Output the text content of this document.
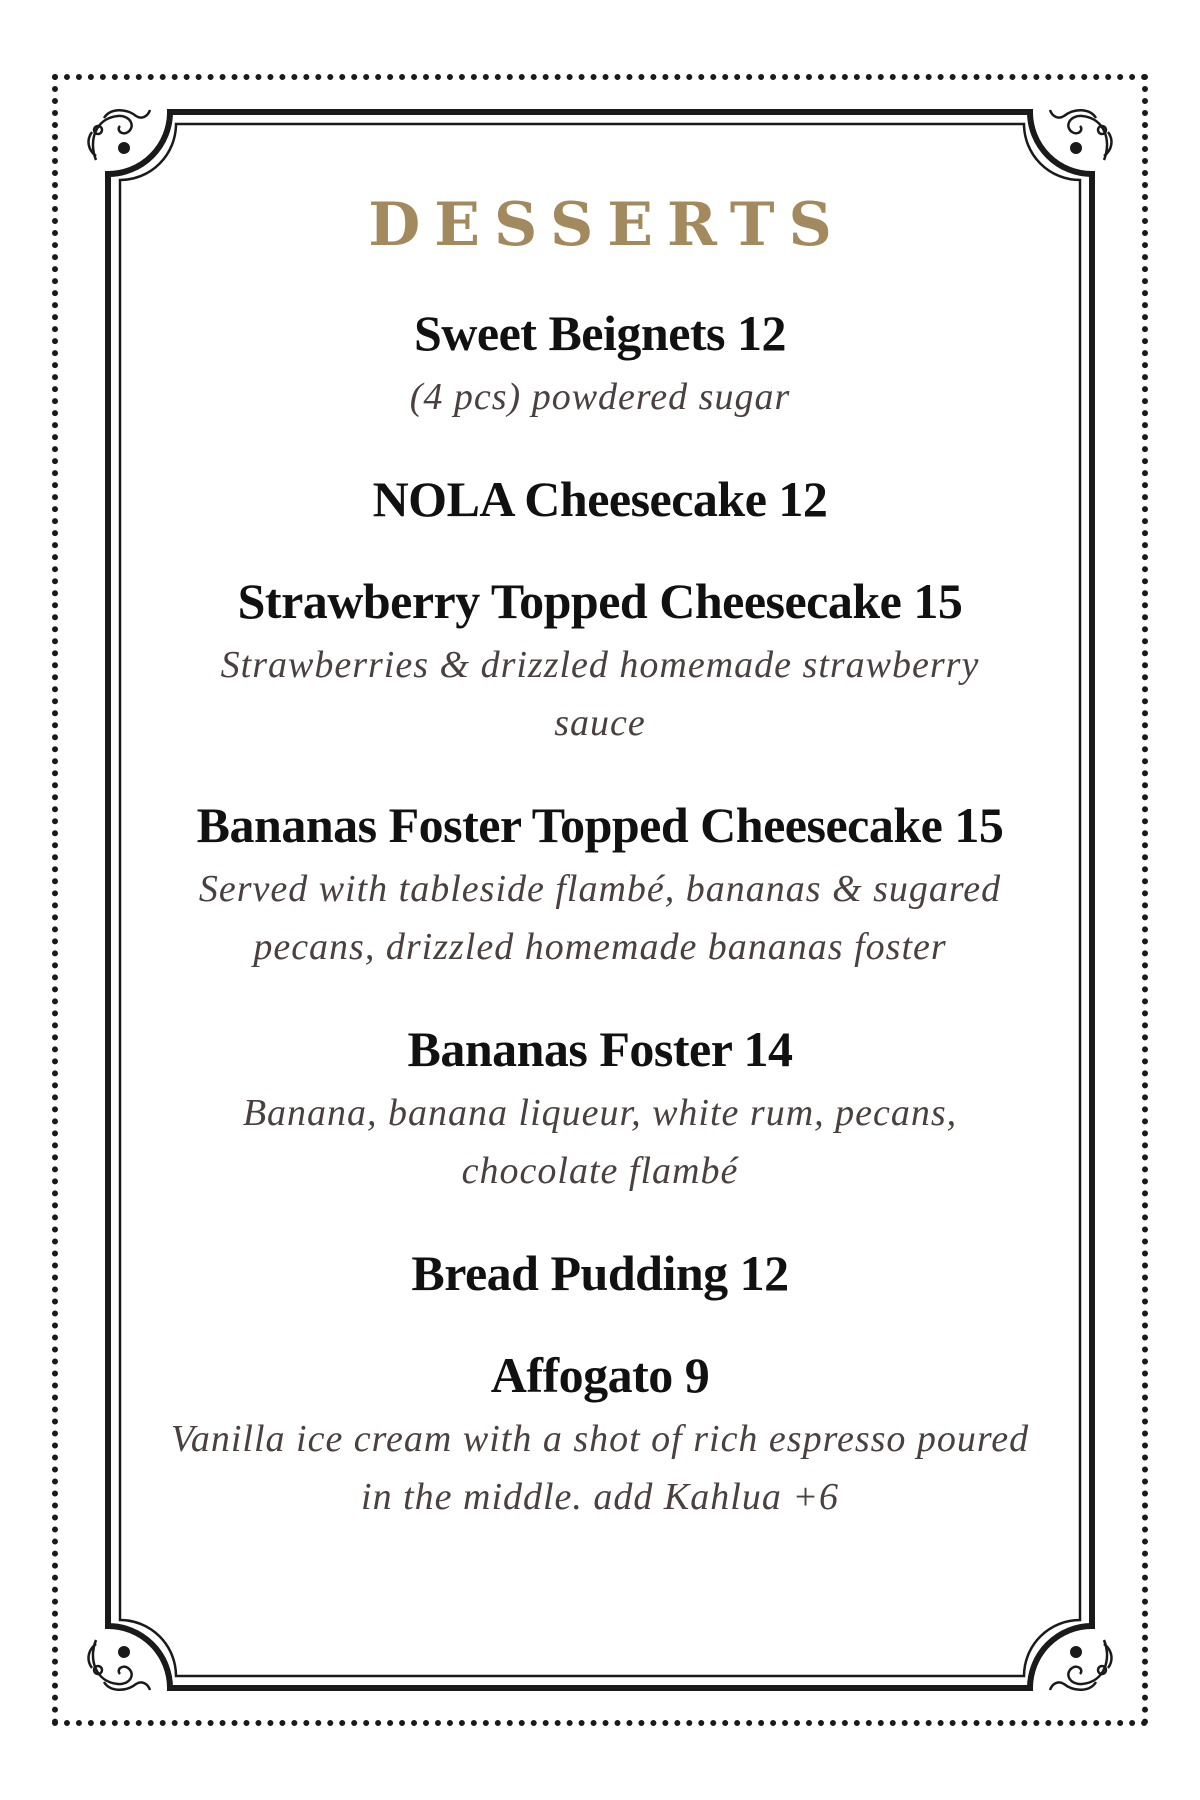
DESSERTS
Sweet Beignets 12
(4 pcs) powdered sugar
NOLA Cheesecake 12
Strawberry Topped Cheesecake 15
Strawberries & drizzled homemade strawberry sauce
Bananas Foster Topped Cheesecake 15
Served with tableside flambé, bananas & sugared pecans, drizzled homemade bananas foster
Bananas Foster 14
Banana, banana liqueur, white rum, pecans, chocolate flambé
Bread Pudding 12
Affogato 9
Vanilla ice cream with a shot of rich espresso poured in the middle. add Kahlua +6
